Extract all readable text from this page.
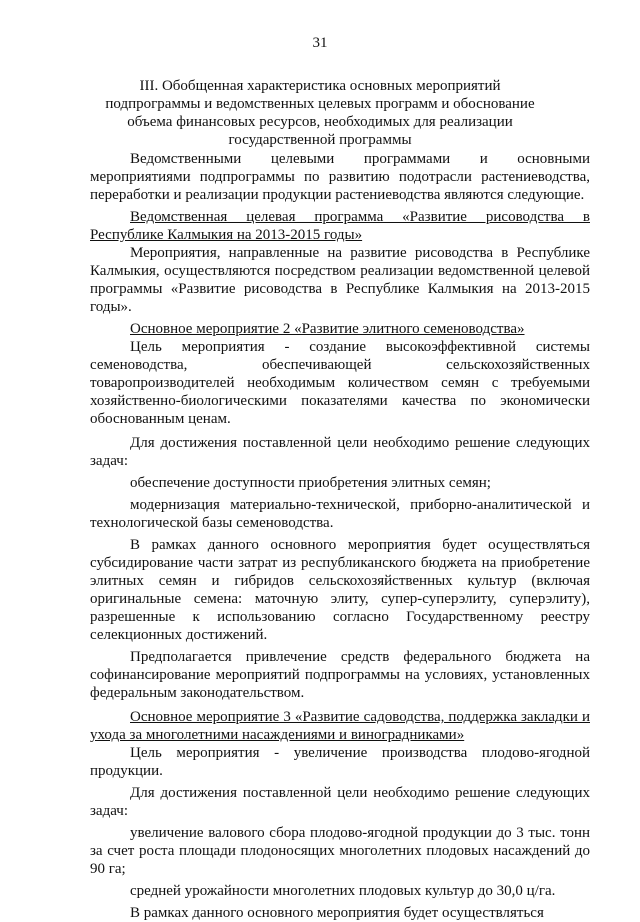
31
III. Обобщенная характеристика основных мероприятий подпрограммы и ведомственных целевых программ и обоснование объема финансовых ресурсов, необходимых для реализации государственной программы

Ведомственными целевыми программами и основными мероприятиями подпрограммы по развитию подотрасли растениеводства, переработки и реализации продукции растениеводства являются следующие.

Ведомственная целевая программа «Развитие рисоводства в Республике Калмыкия на 2013-2015 годы»

Мероприятия, направленные на развитие рисоводства в Республике Калмыкия, осуществляются посредством реализации ведомственной целевой программы «Развитие рисоводства в Республике Калмыкия на 2013-2015 годы».

Основное мероприятие 2 «Развитие элитного семеноводства»

Цель мероприятия - создание высокоэффективной системы семеноводства, обеспечивающей сельскохозяйственных товаропроизводителей необходимым количеством семян с требуемыми хозяйственно-биологическими показателями качества по экономически обоснованным ценам.

Для достижения поставленной цели необходимо решение следующих задач:

обеспечение доступности приобретения элитных семян;

модернизация материально-технической, приборно-аналитической и технологической базы семеноводства.

В рамках данного основного мероприятия будет осуществляться субсидирование части затрат из республиканского бюджета на приобретение элитных семян и гибридов сельскохозяйственных культур (включая оригинальные семена: маточную элиту, супер-суперэлиту, суперэлиту), разрешенные к использованию согласно Государственному реестру селекционных достижений.

Предполагается привлечение средств федерального бюджета на софинансирование мероприятий подпрограммы на условиях, установленных федеральным законодательством.

Основное мероприятие 3 «Развитие садоводства, поддержка закладки и ухода за многолетними насаждениями и виноградниками»

Цель мероприятия - увеличение производства плодово-ягодной продукции.

Для достижения поставленной цели необходимо решение следующих задач:

увеличение валового сбора плодово-ягодной продукции до 3 тыс. тонн за счет роста площади плодоносящих многолетних плодовых насаждений до 90 га;

средней урожайности многолетних плодовых культур до 30,0 ц/га.

В рамках данного основного мероприятия будет осуществляться
